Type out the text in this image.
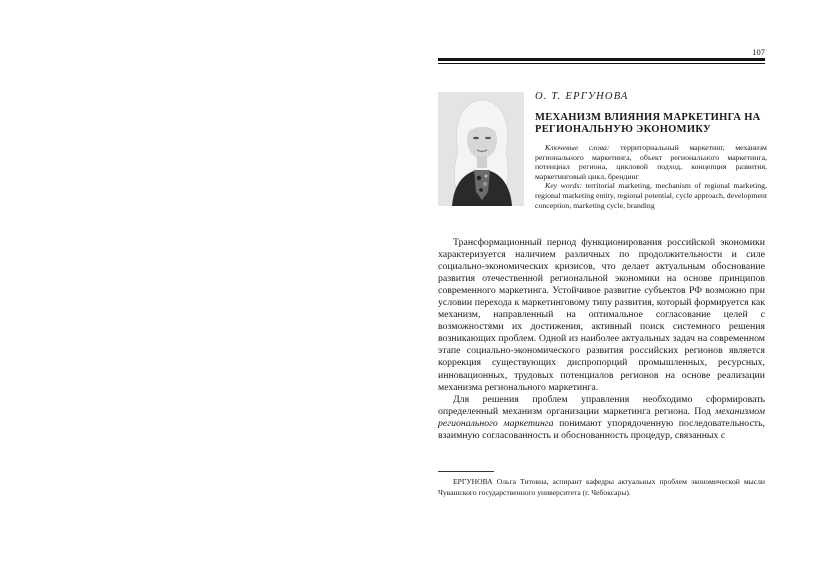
107
О. Т. ЕРГУНОВА
МЕХАНИЗМ ВЛИЯНИЯ МАРКЕТИНГА НА РЕГИОНАЛЬНУЮ ЭКОНОМИКУ
Ключевые слова: территориальный маркетинг, механизм регионального маркетинга, объект регионального маркетинга, потенциал региона, цикловой подход, концепция развития, маркетинговый цикл, брендинг
Key words: territorial marketing, mechanism of regional marketing, regional marketing entity, regional potential, cycle approach, development conception, marketing cycle, branding

Трансформационный период функционирования российской экономики характеризуется наличием различных по продолжительности и силе социально-экономических кризисов, что делает актуальным обоснование развития отечественной региональной экономики на основе принципов современного маркетинга. Устойчивое развитие субъектов РФ возможно при условии перехода к маркетинговому типу развития, который формируется как механизм, направленный на оптимальное согласование целей с возможностями их достижения, активный поиск системного решения возникающих проблем. Одной из наиболее актуальных задач на современном этапе социально-экономического развития российских регионов является коррекция существующих диспропорций промышленных, ресурсных, инновационных, трудовых потенциалов регионов на основе реализации механизма регионального маркетинга.

Для решения проблем управления необходимо сформировать определенный механизм организации маркетинга региона. Под механизмом регионального маркетинга понимают упорядоченную последовательность, взаимную согласованность и обоснованность процедур, связанных с

ЕРГУНОВА Ольга Титовна, аспирант кафедры актуальных проблем экономической мысли Чувашского государственного университета (г. Чебоксары).
